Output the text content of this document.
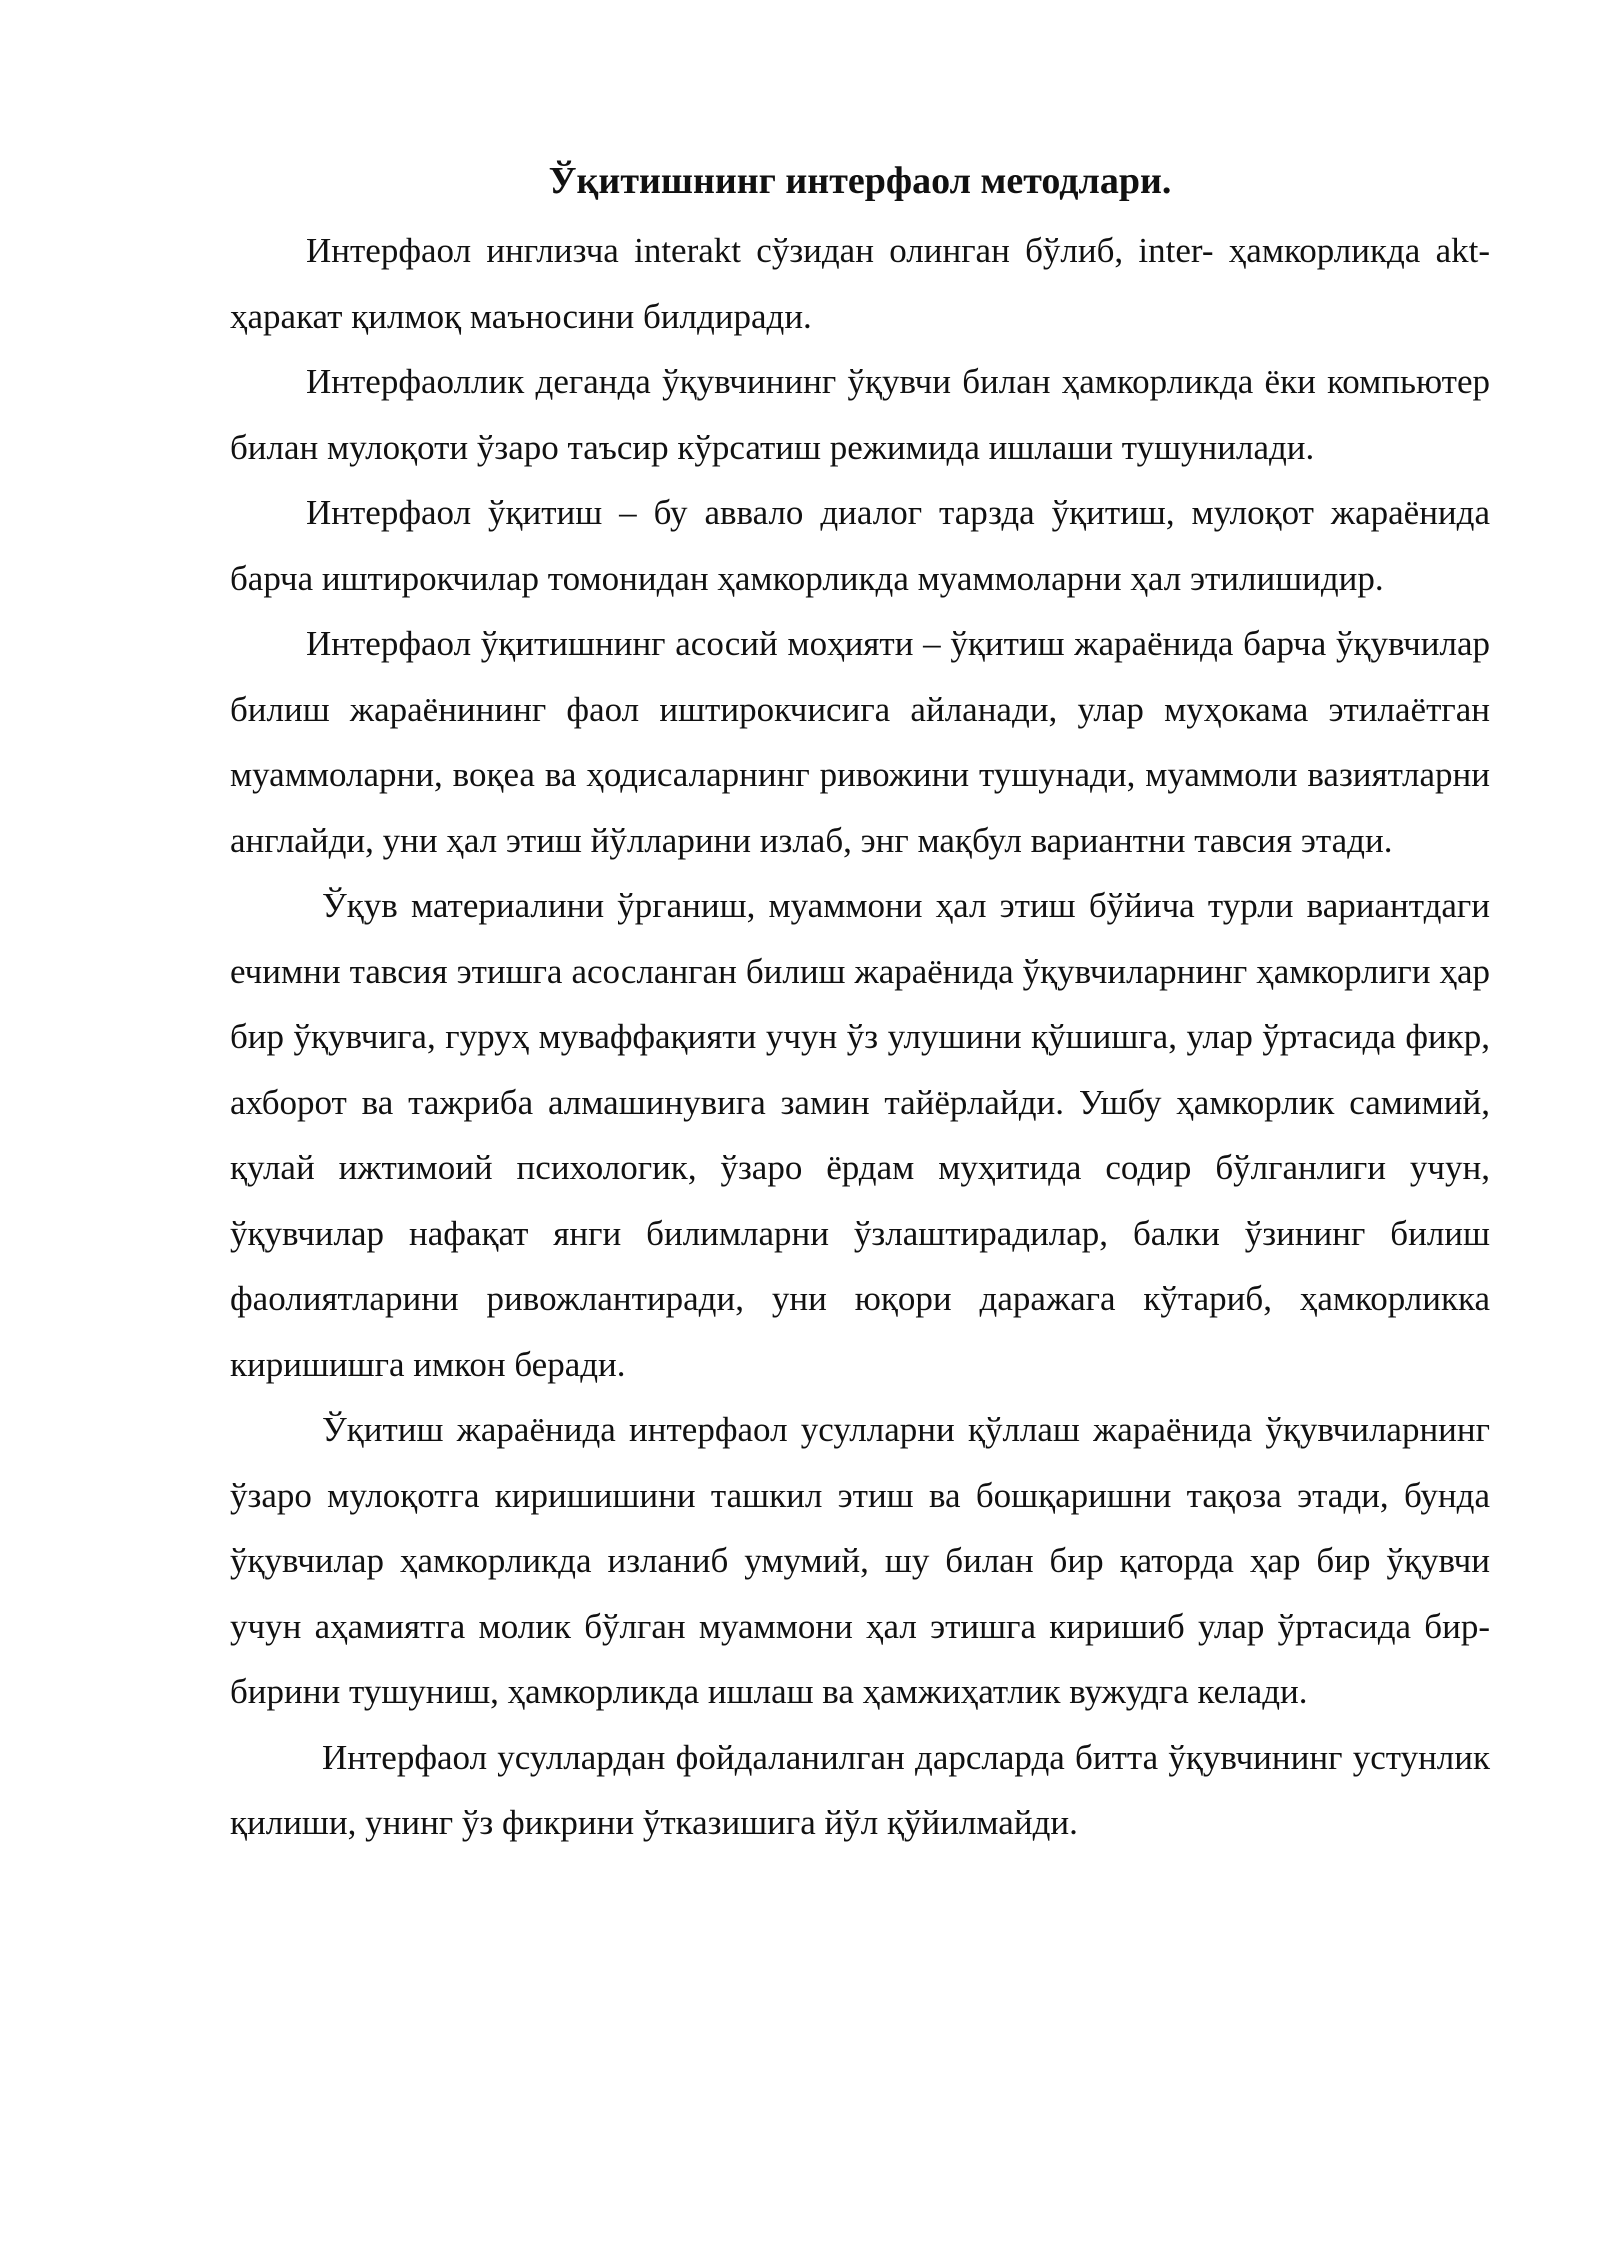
Ўқитишнинг интерфаол методлари.

Интерфаол инглизча interakt сўзидан олинган бўлиб, inter- ҳамкорликда akt- ҳаракат қилмоқ маъносини билдиради.

Интерфаоллик деганда ўқувчининг ўқувчи билан ҳамкорликда ёки компьютер билан мулоқоти ўзаро таъсир кўрсатиш режимида ишлаши тушунилади.

Интерфаол ўқитиш – бу аввало диалог тарзда ўқитиш, мулоқот жараёнида барча иштирокчилар томонидан ҳамкорликда муаммоларни ҳал этилишидир.

Интерфаол ўқитишнинг асосий моҳияти – ўқитиш жараёнида барча ўқувчилар билиш жараёнининг фаол иштирокчисига айланади, улар муҳокама этилаётган муаммоларни, воқеа ва ҳодисаларнинг ривожини тушунади, муаммоли вазиятларни англайди, уни ҳал этиш йўлларини излаб, энг мақбул вариантни тавсия этади.

Ўқув материалини ўрганиш, муаммони ҳал этиш бўйича турли вариантдаги ечимни тавсия этишга асосланган билиш жараёнида ўқувчиларнинг ҳамкорлиги ҳар бир ўқувчига, гуруҳ муваффақияти учун ўз улушини қўшишга, улар ўртасида фикр, ахборот ва тажриба алмашинувига замин тайёрлайди. Ушбу ҳамкорлик самимий, қулай ижтимоий психологик, ўзаро ёрдам муҳитида содир бўлганлиги учун, ўқувчилар нафақат янги билимларни ўзлаштирадилар, балки ўзининг билиш фаолиятларини ривожлантиради, уни юқори даражага кўтариб, ҳамкорликка киришишга имкон беради.

Ўқитиш жараёнида интерфаол усулларни қўллаш жараёнида ўқувчиларнинг ўзаро мулоқотга киришишини ташкил этиш ва бошқаришни тақоза этади, бунда ўқувчилар ҳамкорликда изланиб умумий, шу билан бир қаторда ҳар бир ўқувчи учун аҳамиятга молик бўлган муаммони ҳал этишга киришиб улар ўртасида бир-бирини тушуниш, ҳамкорликда ишлаш ва ҳамжиҳатлик вужудга келади.

Интерфаол усуллардан фойдаланилган дарсларда битта ўқувчининг устунлик қилиши, унинг ўз фикрини ўтказишига йўл қўйилмайди.
